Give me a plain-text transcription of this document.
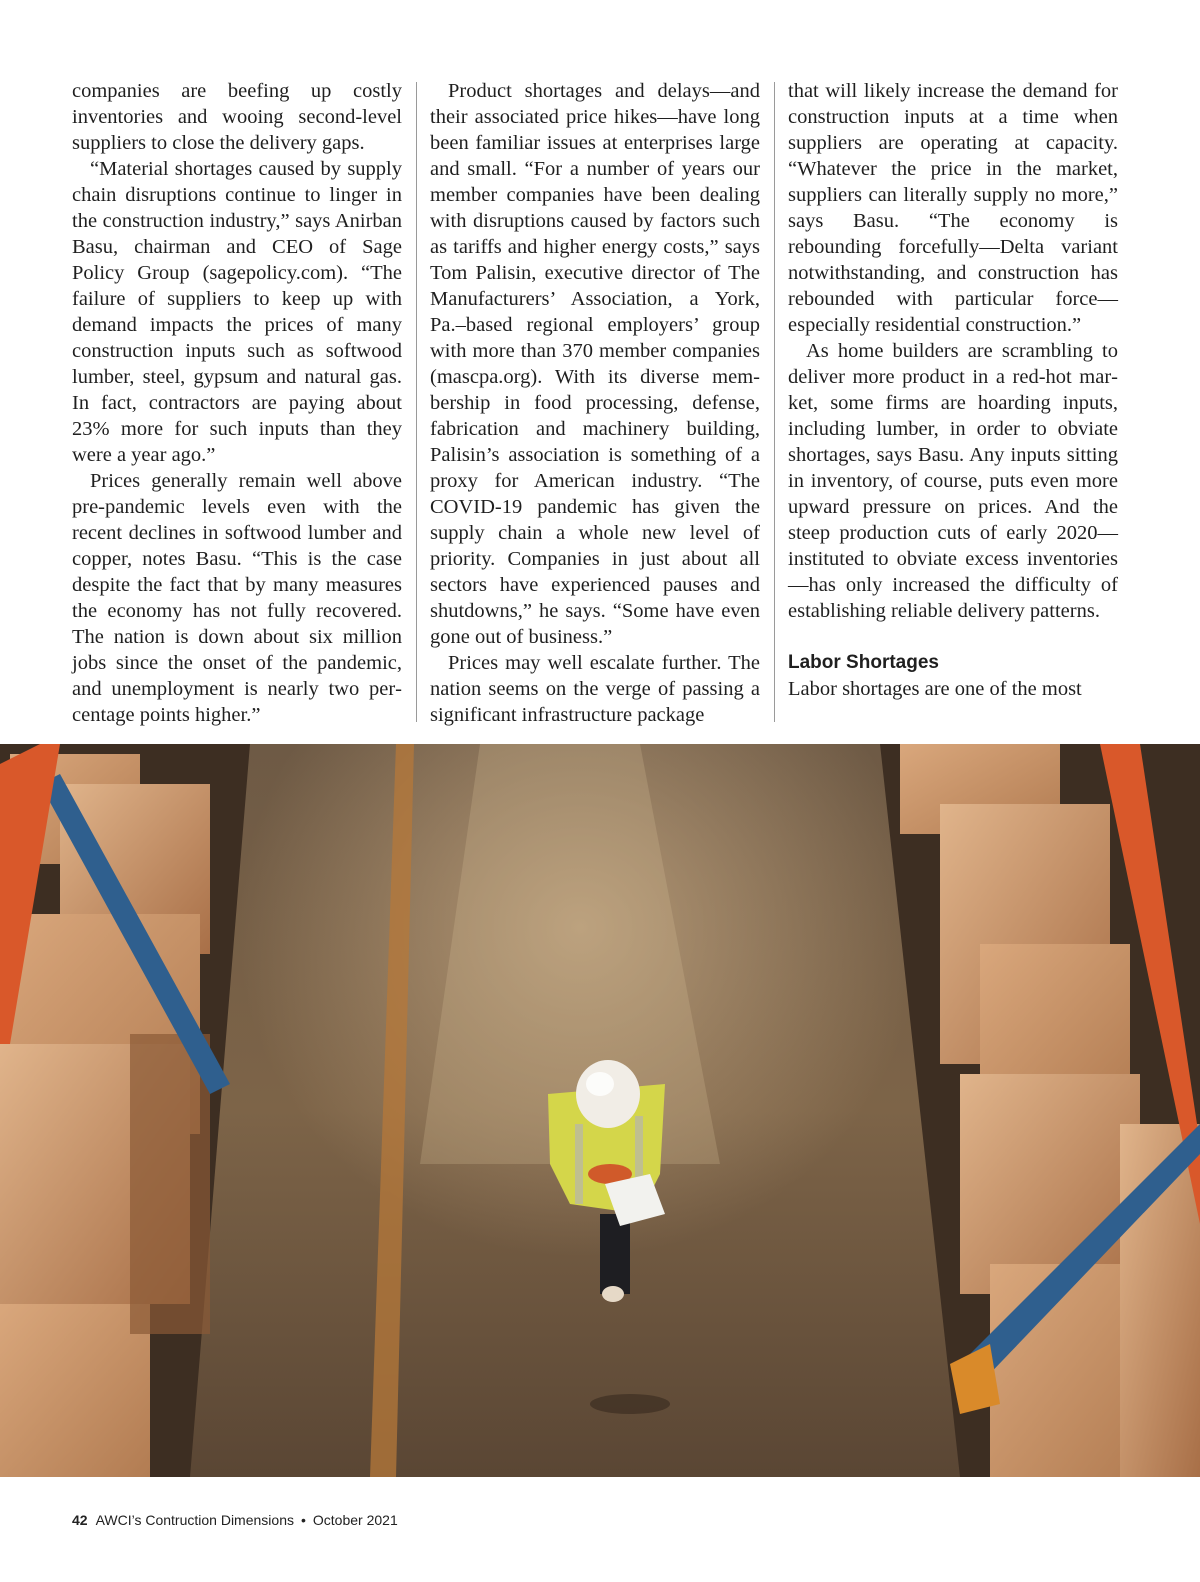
companies are beefing up costly inventories and wooing second-level suppliers to close the delivery gaps.

“Material shortages caused by supply chain disruptions continue to linger in the construction industry,” says Anirban Basu, chairman and CEO of Sage Policy Group (sagepolicy.com). “The failure of suppliers to keep up with demand impacts the prices of many construction inputs such as softwood lumber, steel, gypsum and natural gas. In fact, contractors are paying about 23% more for such inputs than they were a year ago.”

Prices generally remain well above pre-pandemic levels even with the recent declines in softwood lumber and copper, notes Basu. “This is the case despite the fact that by many measures the economy has not fully recovered. The nation is down about six million jobs since the onset of the pandemic, and unemployment is nearly two percentage points higher.”

Product shortages and delays—and their associated price hikes—have long been familiar issues at enterprises large and small. “For a number of years our member companies have been dealing with disruptions caused by factors such as tariffs and higher energy costs,” says Tom Palisin, executive director of The Manufacturers’ Association, a York, Pa.–based regional employers’ group with more than 370 member companies (mascpa.org). With its diverse membership in food processing, defense, fabrication and machinery building, Palisin’s association is something of a proxy for American industry. “The COVID-19 pandemic has given the supply chain a whole new level of priority. Companies in just about all sectors have experienced pauses and shutdowns,” he says. “Some have even gone out of business.”

Prices may well escalate further. The nation seems on the verge of passing a significant infrastructure package

that will likely increase the demand for construction inputs at a time when suppliers are operating at capacity. “Whatever the price in the market, suppliers can literally supply no more,” says Basu. “The economy is rebounding forcefully—Delta variant notwithstanding, and construction has rebounded with particular force—especially residential construction.”

As home builders are scrambling to deliver more product in a red-hot market, some firms are hoarding inputs, including lumber, in order to obviate shortages, says Basu. Any inputs sitting in inventory, of course, puts even more upward pressure on prices. And the steep production cuts of early 2020—instituted to obviate excess inventories—has only increased the difficulty of establishing reliable delivery patterns.

Labor Shortages

Labor shortages are one of the most

42 AWCI’s Contruction Dimensions • October 2021
